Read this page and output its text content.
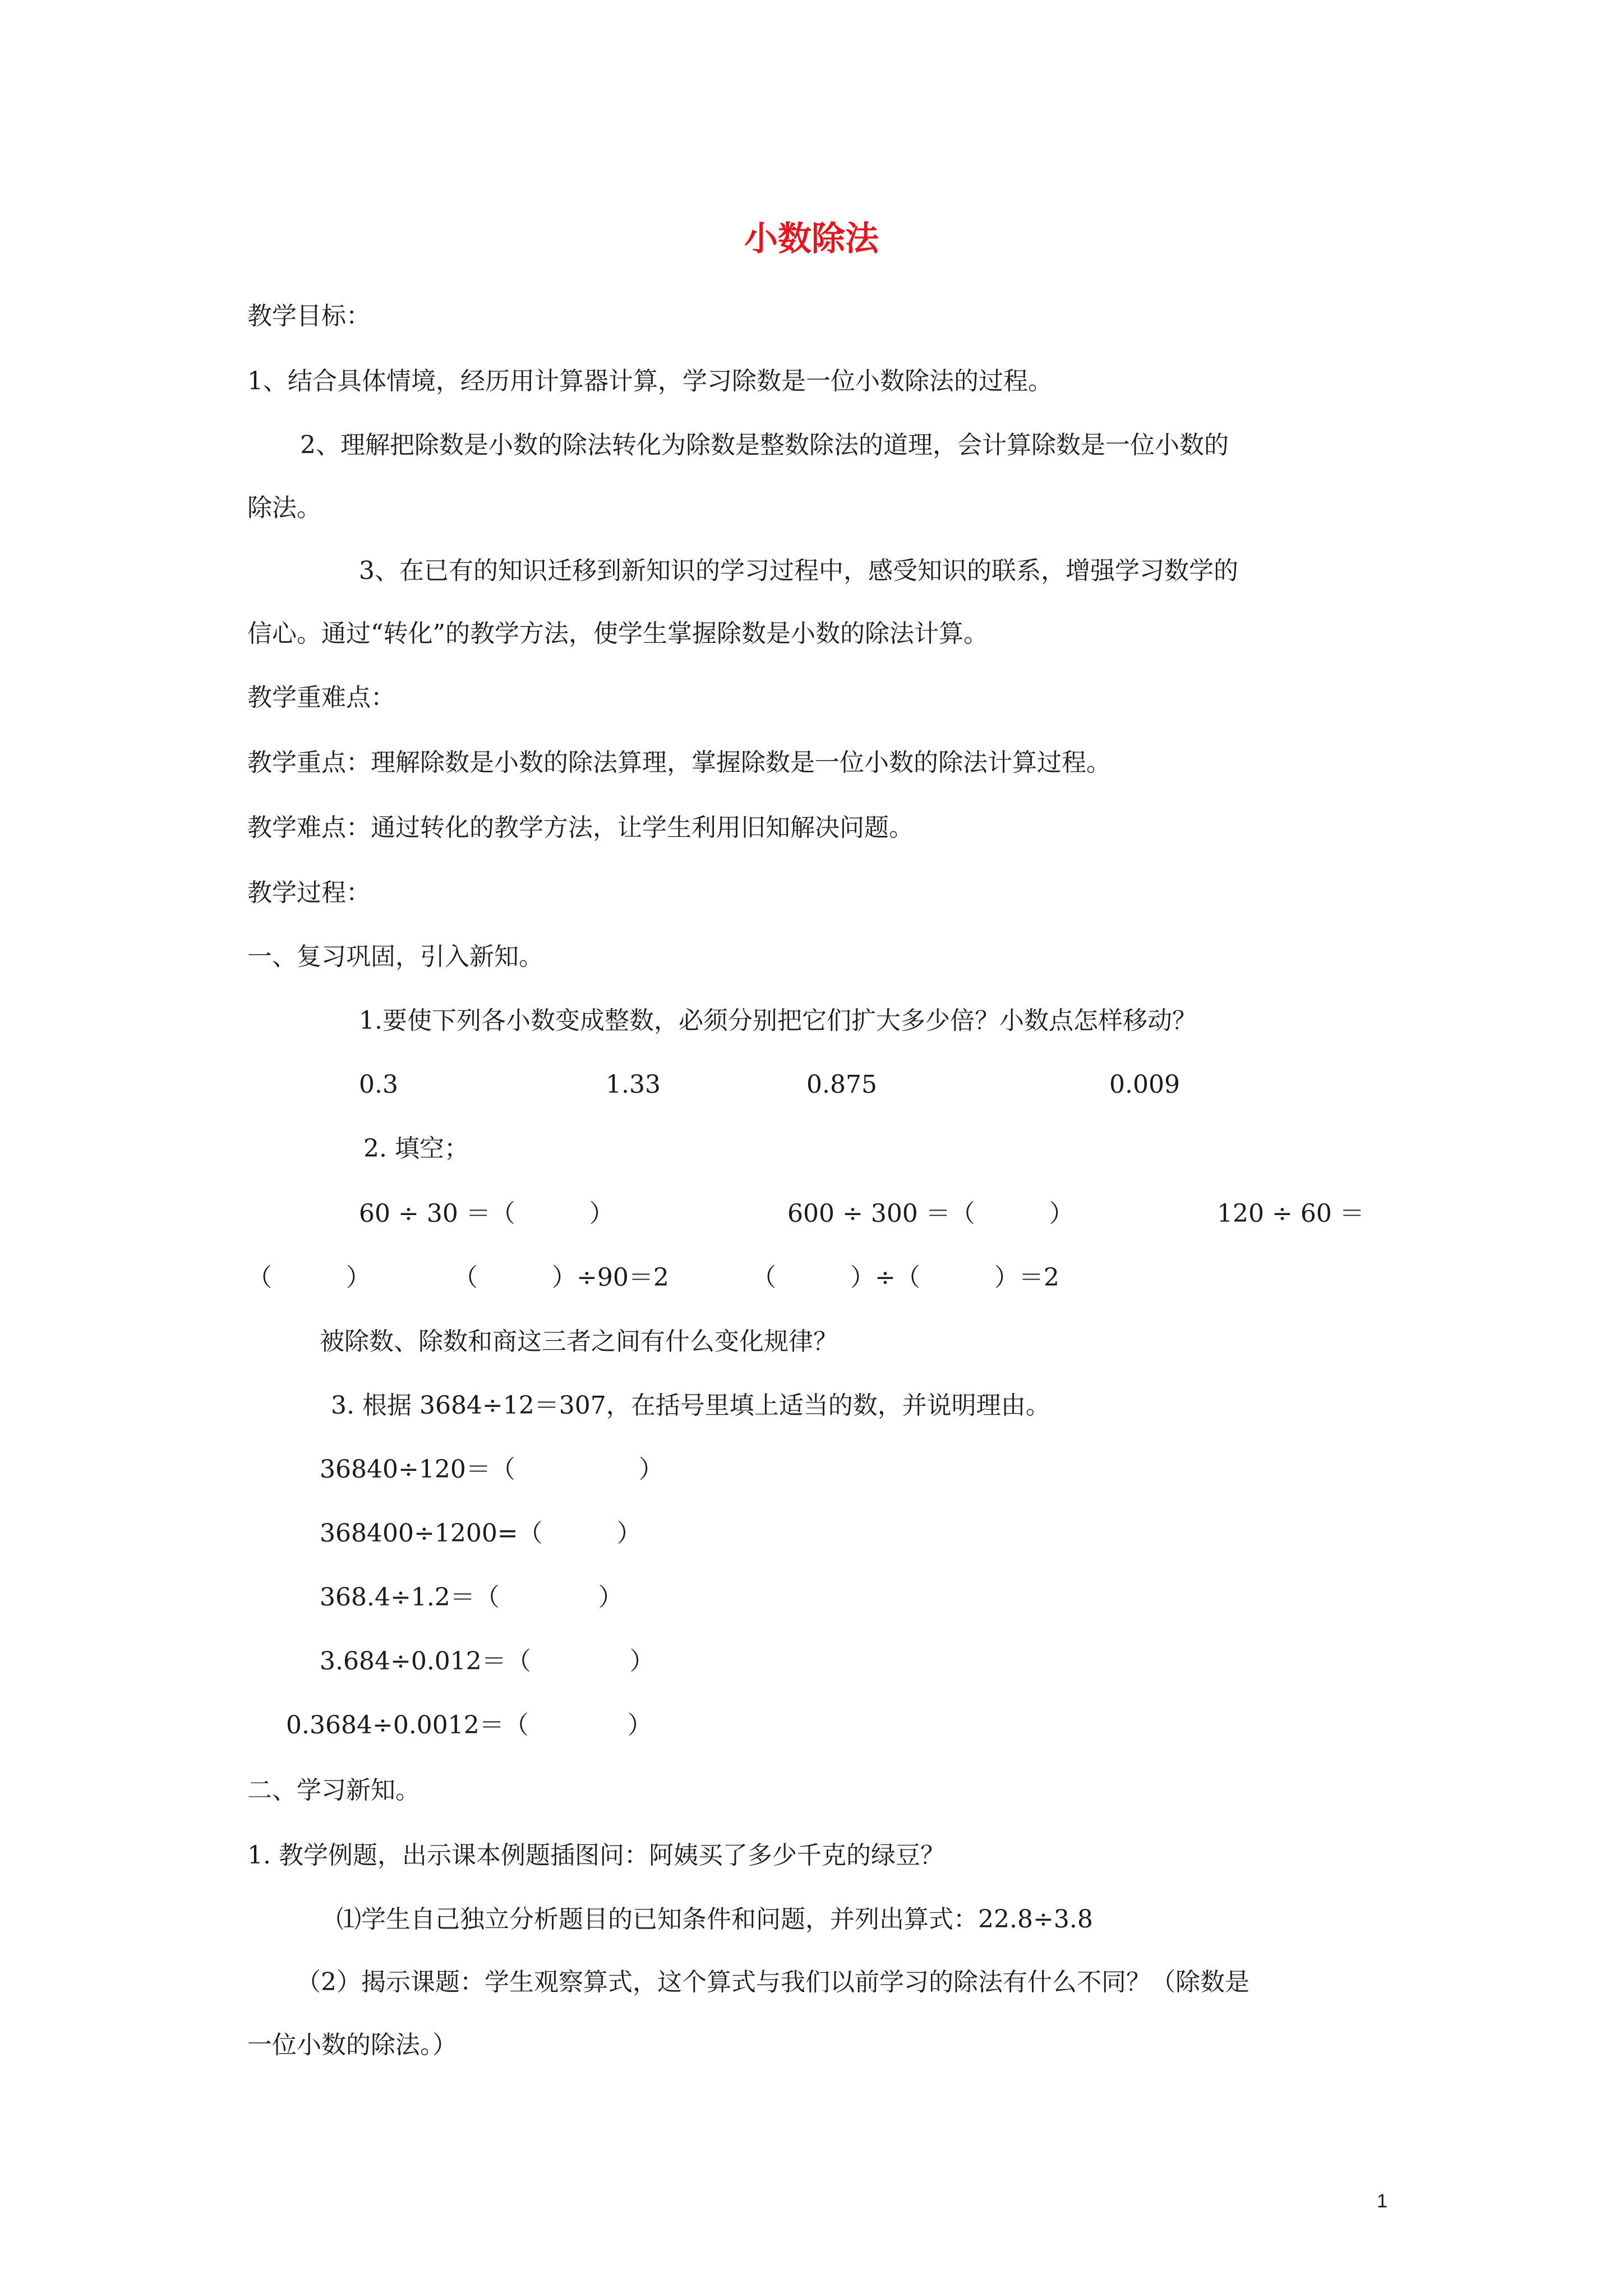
小数除法
教学目标：
1、结合具体情境，经历用计算器计算，学习除数是一位小数除法的过程。
2、理解把除数是小数的除法转化为除数是整数除法的道理，会计算除数是一位小数的
除法。
3、在已有的知识迁移到新知识的学习过程中，感受知识的联系，增强学习数学的
信心。通过“转化”的教学方法，使学生掌握除数是小数的除法计算。
教学重难点：
教学重点：理解除数是小数的除法算理，掌握除数是一位小数的除法计算过程。
教学难点：通过转化的教学方法，让学生利用旧知解决问题。
教学过程：
一、复习巩固，引入新知。
1.要使下列各小数变成整数，必须分别把它们扩大多少倍？小数点怎样移动？
0.3	1.33	0.875	0.009
2. 填空；
60 ÷ 30 ＝（　　　）	600 ÷ 300 ＝（　　　）	120 ÷ 60 ＝
（　　　）	（　　　）÷90＝2	（　　　）÷（　　　）＝2
被除数、除数和商这三者之间有什么变化规律？
3. 根据 3684÷12＝307，在括号里填上适当的数，并说明理由。
36840÷120＝（　　　　　）
368400÷1200=（　　　）
368.4÷1.2＝（　　　　）
3.684÷0.012＝（　　　　）
0.3684÷0.0012＝（　　　　）
二、学习新知。
1. 教学例题，出示课本例题插图问：阿姨买了多少千克的绿豆？
⑴学生自己独立分析题目的已知条件和问题，并列出算式：22.8÷3.8
（2）揭示课题：学生观察算式，这个算式与我们以前学习的除法有什么不同？（除数是
一位小数的除法。）
1
